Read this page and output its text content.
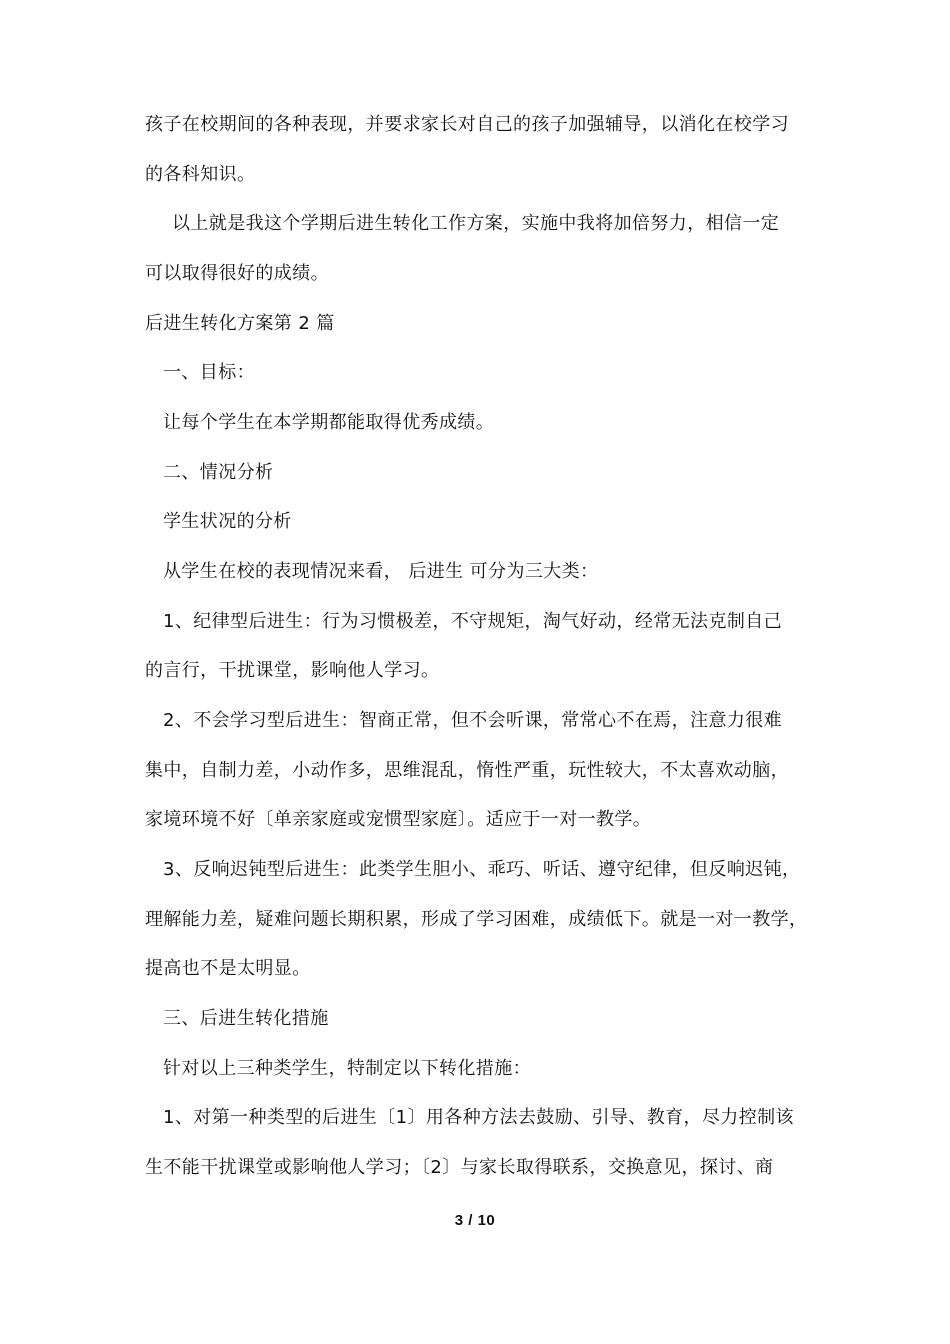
孩子在校期间的各种表现，并要求家长对自己的孩子加强辅导，以消化在校学习
的各科知识。
以上就是我这个学期后进生转化工作方案，实施中我将加倍努力，相信一定
可以取得很好的成绩。
后进生转化方案第 2 篇
一、目标：
让每个学生在本学期都能取得优秀成绩。
二、情况分析
学生状况的分析
从学生在校的表现情况来看， 后进生 可分为三大类：
1、纪律型后进生：行为习惯极差，不守规矩，淘气好动，经常无法克制自己
的言行，干扰课堂，影响他人学习。
2、不会学习型后进生：智商正常，但不会听课，常常心不在焉，注意力很难
集中，自制力差，小动作多，思维混乱，惰性严重，玩性较大，不太喜欢动脑，
家境环境不好〔单亲家庭或宠惯型家庭〕。适应于一对一教学。
3、反响迟钝型后进生：此类学生胆小、乖巧、听话、遵守纪律，但反响迟钝，
理解能力差，疑难问题长期积累，形成了学习困难，成绩低下。就是一对一教学，
提高也不是太明显。
三、后进生转化措施
针对以上三种类学生，特制定以下转化措施：
1、对第一种类型的后进生〔1〕用各种方法去鼓励、引导、教育，尽力控制该
生不能干扰课堂或影响他人学习；〔2〕与家长取得联系，交换意见，探讨、商
3 / 10
